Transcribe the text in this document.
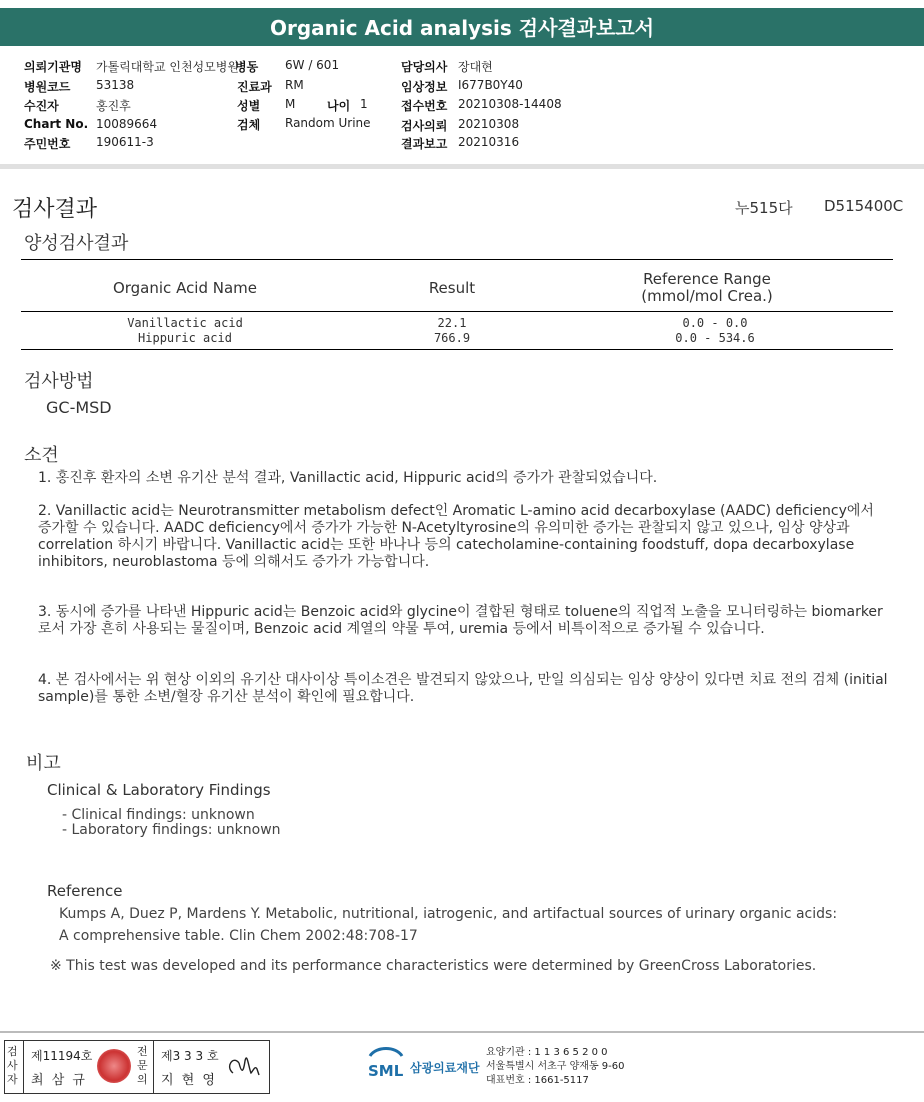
Organic Acid analysis 검사결과보고서
의뢰기관명 가톨릭대학교 인천성모병원
병원코드 53138
수진자	홍진후
Chart No. 10089664
주민번호 190611-3
병동 6W / 601
진료과 RM
성별 M	나이 1
검체 Random Urine
담당의사 장대현
임상정보 I677B0Y40
접수번호 20210308-14408
검사의뢰 20210308
결과보고 20210316
검사결과	누515다 D515400C
양성검사결과
Organic Acid Name	Result	Reference Range
(mmol/mol Crea.)
Vanillactic acid	22.1	0.0 - 0.0
Hippuric acid	766.9	0.0 - 534.6
검사방법
GC-MSD
소견
1. 홍진후 환자의 소변 유기산 분석 결과, Vanillactic acid, Hippuric acid의 증가가 관찰되었습니다.
2. Vanillactic acid는 Neurotransmitter metabolism defect인 Aromatic L-amino acid decarboxylase (AADC) deficiency에서 증가할 수 있습니다. AADC deficiency에서 증가가 가능한 N-Acetyltyrosine의 유의미한 증가는 관찰되지 않고 있으나, 임상 양상과 correlation 하시기 바랍니다. Vanillactic acid는 또한 바나나 등의 catecholamine-containing foodstuff, dopa decarboxylase inhibitors, neuroblastoma 등에 의해서도 증가가 가능합니다.
3. 동시에 증가를 나타낸 Hippuric acid는 Benzoic acid와 glycine이 결합된 형태로 toluene의 직업적 노출을 모니터링하는 biomarker로서 가장 흔히 사용되는 물질이며, Benzoic acid 계열의 약물 투여, uremia 등에서 비특이적으로 증가될 수 있습니다.
4. 본 검사에서는 위 현상 이외의 유기산 대사이상 특이소견은 발견되지 않았으나, 만일 의심되는 임상 양상이 있다면 치료 전의 검체 (initial sample)를 통한 소변/혈장 유기산 분석이 확인에 필요합니다.
비고
Clinical & Laboratory Findings
- Clinical findings: unknown
- Laboratory findings: unknown
Reference
Kumps A, Duez P, Mardens Y. Metabolic, nutritional, iatrogenic, and artifactual sources of urinary organic acids:
A comprehensive table. Clin Chem 2002:48:708-17
※ This test was developed and its performance characteristics were determined by GreenCross Laboratories.
검사자
제11194호
최 삼 규
전문의
제3 3 3 호
지 현 영
SML 삼광의료재단
요양기관 : 1 1 3 6 5 2 0 0
서울특별시 서초구 양재동 9-60
대표번호 : 1661-5117
